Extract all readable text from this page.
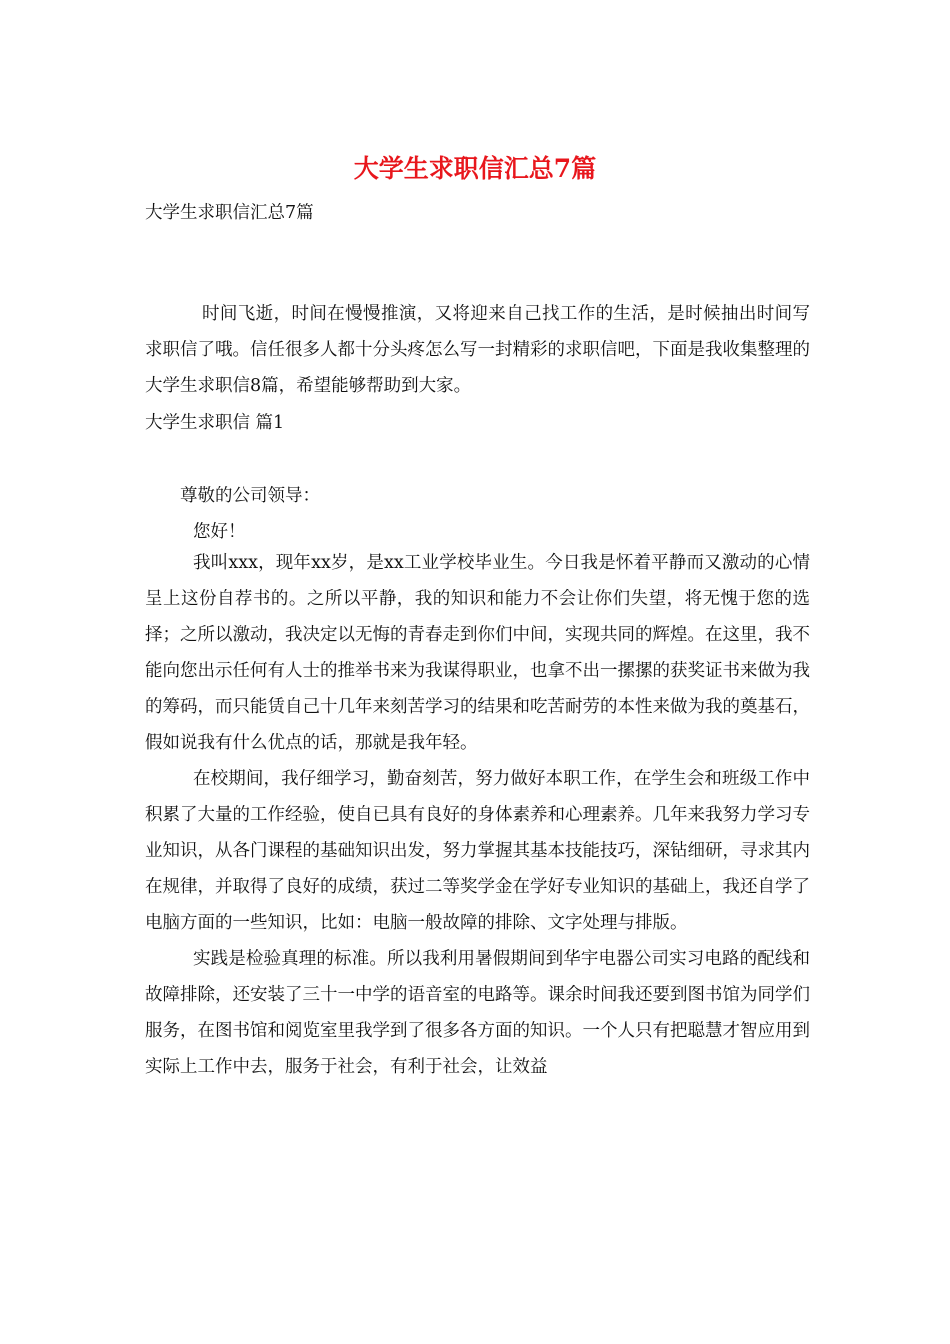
大学生求职信汇总7篇
大学生求职信汇总7篇

时间飞逝，时间在慢慢推演，又将迎来自己找工作的生活，是时候抽出时间写求职信了哦。信任很多人都十分头疼怎么写一封精彩的求职信吧，下面是我收集整理的大学生求职信8篇，希望能够帮助到大家。

大学生求职信 篇1
尊敬的公司领导：
您好！

我叫xxx，现年xx岁，是xx工业学校毕业生。今日我是怀着平静而又激动的心情呈上这份自荐书的。之所以平静，我的知识和能力不会让你们失望，将无愧于您的选择；之所以激动，我决定以无悔的青春走到你们中间，实现共同的辉煌。在这里，我不能向您出示任何有人士的推举书来为我谋得职业，也拿不出一摞摞的获奖证书来做为我的筹码，而只能赁自己十几年来刻苦学习的结果和吃苦耐劳的本性来做为我的奠基石，假如说我有什么优点的话，那就是我年轻。

在校期间，我仔细学习，勤奋刻苦，努力做好本职工作，在学生会和班级工作中积累了大量的工作经验，使自已具有良好的身体素养和心理素养。几年来我努力学习专业知识，从各门课程的基础知识出发，努力掌握其基本技能技巧，深钻细研，寻求其内在规律，并取得了良好的成绩，获过二等奖学金在学好专业知识的基础上，我还自学了电脑方面的一些知识，比如：电脑一般故障的排除、文字处理与排版。

实践是检验真理的标准。所以我利用暑假期间到华宇电器公司实习电路的配线和故障排除，还安装了三十一中学的语音室的电路等。课余时间我还要到图书馆为同学们服务，在图书馆和阅览室里我学到了很多各方面的知识。一个人只有把聪慧才智应用到实际上工作中去，服务于社会，有利于社会，让效益
